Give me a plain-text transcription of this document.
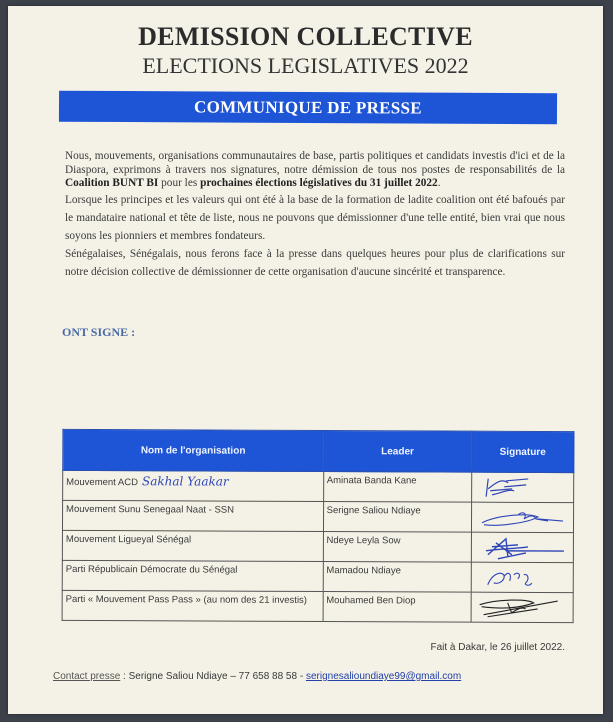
DEMISSION COLLECTIVE
ELECTIONS LEGISLATIVES 2022
COMMUNIQUE DE PRESSE

Nous, mouvements, organisations communautaires de base, partis politiques et candidats investis d'ici et de la Diaspora, exprimons à travers nos signatures, notre démission de tous nos postes de responsabilités de la Coalition BUNT BI pour les prochaines élections législatives du 31 juillet 2022.

Lorsque les principes et les valeurs qui ont été à la base de la formation de ladite coalition ont été bafoués par le mandataire national et tête de liste, nous ne pouvons que démissionner d'une telle entité, bien vrai que nous soyons les pionniers et membres fondateurs.

Sénégalaises, Sénégalais, nous ferons face à la presse dans quelques heures pour plus de clarifications sur notre décision collective de démissionner de cette organisation d'aucune sincérité et transparence.

ONT SIGNE :
Nom de l'organisation	Leader	Signature
Mouvement ACD Sakhal Yaakar	Aminata Banda Kane	

Mouvement Sunu Senegaal Naat - SSN	Serigne Saliou Ndiaye	

Mouvement Ligueyal Sénégal	Ndeye Leyla Sow	

Parti Républicain Démocrate du Sénégal	Mamadou Ndiaye	

Parti « Mouvement Pass Pass » (au nom des 21 investis)	Mouhamed Ben Diop	
Fait à Dakar, le 26 juillet 2022.
Contact presse : Serigne Saliou Ndiaye – 77 658 88 58 - serignesalioundiaye99@gmail.com
